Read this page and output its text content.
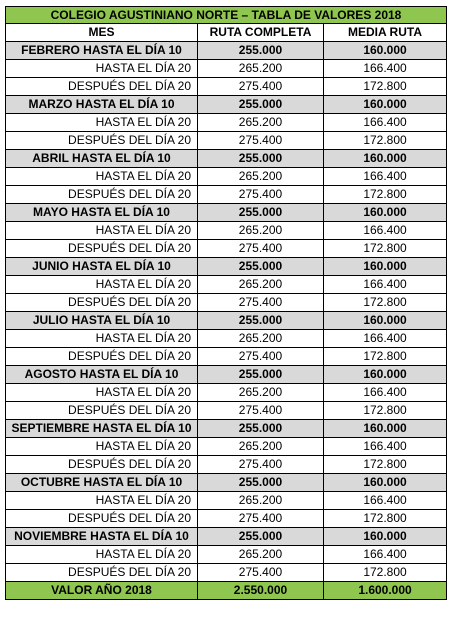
COLEGIO AGUSTINIANO NORTE – TABLA DE VALORES 2018		
MES	RUTA COMPLETA	MEDIA RUTA
FEBRERO HASTA EL DÍA 10	255.000	160.000
HASTA EL DÍA 20	265.200	166.400
DESPUÉS DEL DÍA 20	275.400	172.800
MARZO HASTA EL DÍA 10	255.000	160.000
HASTA EL DÍA 20	265.200	166.400
DESPUÉS DEL DÍA 20	275.400	172.800
ABRIL HASTA EL DÍA 10	255.000	160.000
HASTA EL DÍA 20	265.200	166.400
DESPUÉS DEL DÍA 20	275.400	172.800
MAYO HASTA EL DÍA 10	255.000	160.000
HASTA EL DÍA 20	265.200	166.400
DESPUÉS DEL DÍA 20	275.400	172.800
JUNIO HASTA EL DÍA 10	255.000	160.000
HASTA EL DÍA 20	265.200	166.400
DESPUÉS DEL DÍA 20	275.400	172.800
JULIO HASTA EL DÍA 10	255.000	160.000
HASTA EL DÍA 20	265.200	166.400
DESPUÉS DEL DÍA 20	275.400	172.800
AGOSTO HASTA EL DÍA 10	255.000	160.000
HASTA EL DÍA 20	265.200	166.400
DESPUÉS DEL DÍA 20	275.400	172.800
SEPTIEMBRE HASTA EL DÍA 10	255.000	160.000
HASTA EL DÍA 20	265.200	166.400
DESPUÉS DEL DÍA 20	275.400	172.800
OCTUBRE HASTA EL DÍA 10	255.000	160.000
HASTA EL DÍA 20	265.200	166.400
DESPUÉS DEL DÍA 20	275.400	172.800
NOVIEMBRE HASTA EL DÍA 10	255.000	160.000
HASTA EL DÍA 20	265.200	166.400
DESPUÉS DEL DÍA 20	275.400	172.800
VALOR AÑO 2018	2.550.000	1.600.000
